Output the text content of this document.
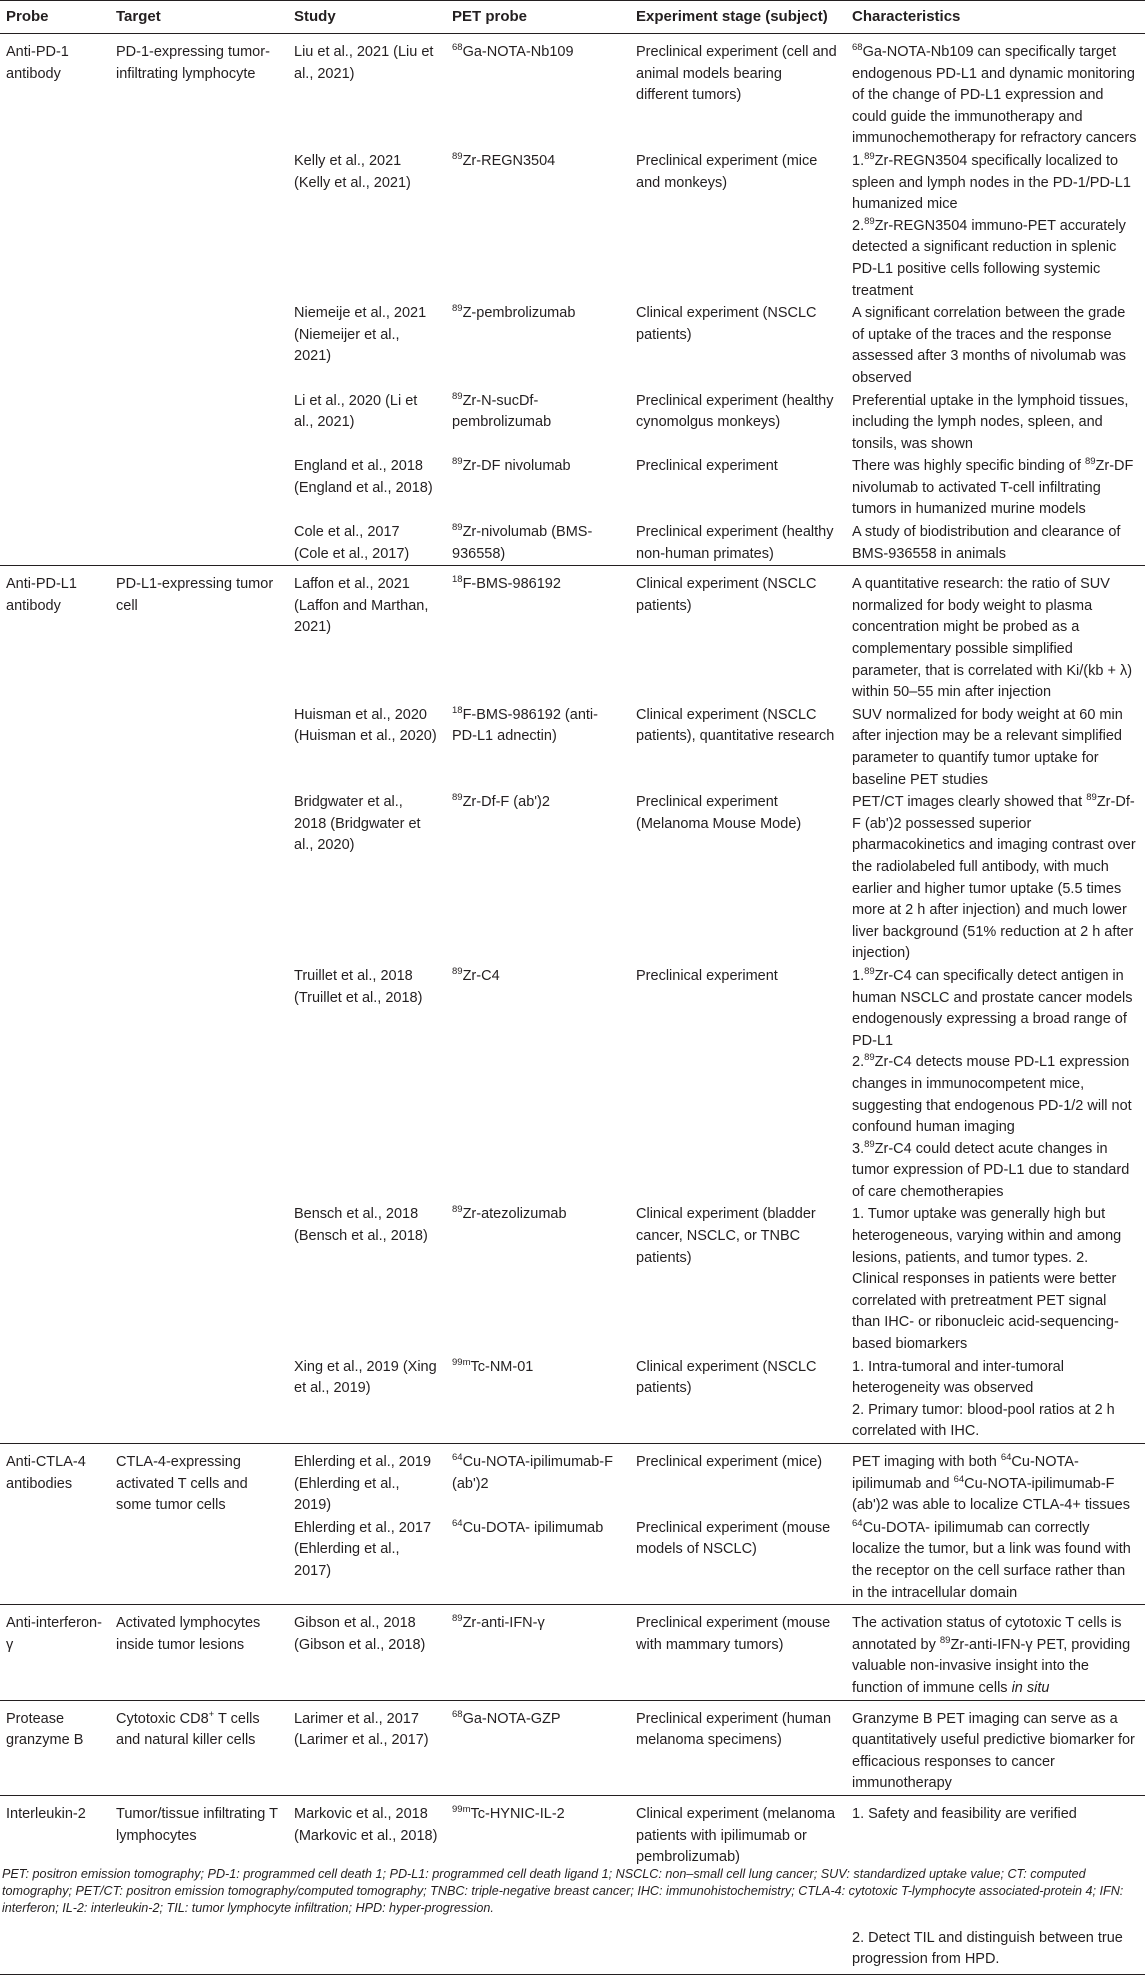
Probe	Target	Study	PET probe	Experiment stage (subject)	Characteristics
Anti-PD-1 antibody	PD-1-expressing tumor-infiltrating lymphocyte	Liu et al., 2021 (Liu et al., 2021)	$^{68}$Ga-NOTA-Nb109	Preclinical experiment (cell and animal models bearing different tumors)	$^{68}$Ga-NOTA-Nb109 can specifically target endogenous PD-L1 and dynamic monitoring of the change of PD-L1 expression and could guide the immunotherapy and immunochemotherapy for refractory cancers
		Kelly et al., 2021 (Kelly et al., 2021)	$^{89}$Zr-REGN3504	Preclinical experiment (mice and monkeys)	1.89Zr-REGN3504 specifically localized to spleen and lymph nodes in the PD-1/PD-L1 humanized mice
2.89Zr-REGN3504 immuno-PET accurately detected a significant reduction in splenic PD-L1 positive cells following systemic treatment

		Niemeije et al., 2021 (Niemeijer et al., 2021)	$^{89}$Z-pembrolizumab	Clinical experiment (NSCLC patients)	A significant correlation between the grade of uptake of the traces and the response assessed after 3 months of nivolumab was observed
		Li et al., 2020 (Li et al., 2021)	$^{89}$Zr-N-sucDf-pembrolizumab	Preclinical experiment (healthy cynomolgus monkeys)	Preferential uptake in the lymphoid tissues, including the lymph nodes, spleen, and tonsils, was shown
		England et al., 2018 (England et al., 2018)	$^{89}$Zr-DF nivolumab	Preclinical experiment	There was highly specific binding of $^{89}$Zr-DF nivolumab to activated T-cell infiltrating tumors in humanized murine models
		Cole et al., 2017 (Cole et al., 2017)	$^{89}$Zr-nivolumab (BMS-936558)	Preclinical experiment (healthy non-human primates)	A study of biodistribution and clearance of BMS-936558 in animals
Anti-PD-L1 antibody	PD-L1-expressing tumor cell	Laffon et al., 2021 (Laffon and Marthan, 2021)	$^{18}$F-BMS-986192	Clinical experiment (NSCLC patients)	A quantitative research: the ratio of SUV normalized for body weight to plasma concentration might be probed as a complementary possible simplified parameter, that is correlated with Ki/(kb + λ) within 50–55 min after injection
		Huisman et al., 2020 (Huisman et al., 2020)	$^{18}$F-BMS-986192 (anti-PD-L1 adnectin)	Clinical experiment (NSCLC patients), quantitative research	SUV normalized for body weight at 60 min after injection may be a relevant simplified parameter to quantify tumor uptake for baseline PET studies
		Bridgwater et al., 2018 (Bridgwater et al., 2020)	$^{89}$Zr-Df-F (ab')2	Preclinical experiment (Melanoma Mouse Mode)	PET/CT images clearly showed that $^{89}$Zr-Df-F (ab')2 possessed superior pharmacokinetics and imaging contrast over the radiolabeled full antibody, with much earlier and higher tumor uptake (5.5 times more at 2 h after injection) and much lower liver background (51% reduction at 2 h after injection)
		Truillet et al., 2018 (Truillet et al., 2018)	$^{89}$Zr-C4	Preclinical experiment	1.89Zr-C4 can specifically detect antigen in human NSCLC and prostate cancer models endogenously expressing a broad range of PD-L1
2.89Zr-C4 detects mouse PD-L1 expression changes in immunocompetent mice, suggesting that endogenous PD-1/2 will not confound human imaging
3.89Zr-C4 could detect acute changes in tumor expression of PD-L1 due to standard of care chemotherapies

		Bensch et al., 2018 (Bensch et al., 2018)	$^{89}$Zr-atezolizumab	Clinical experiment (bladder cancer, NSCLC, or TNBC patients)	1. Tumor uptake was generally high but heterogeneous, varying within and among lesions, patients, and tumor types. 2. Clinical responses in patients were better correlated with pretreatment PET signal than IHC- or ribonucleic acid-sequencing-based biomarkers
		Xing et al., 2019 (Xing et al., 2019)	$^{99m}$Tc-NM-01	Clinical experiment (NSCLC patients)	1. Intra-tumoral and inter-tumoral heterogeneity was observed
2. Primary tumor: blood-pool ratios at 2 h correlated with IHC.

Anti-CTLA-4 antibodies	CTLA-4-expressing activated T cells and some tumor cells	Ehlerding et al., 2019 (Ehlerding et al., 2019)	$^{64}$Cu-NOTA-ipilimumab-F (ab')2	Preclinical experiment (mice)	PET imaging with both $^{64}$Cu-NOTA-ipilimumab and $^{64}$Cu-NOTA-ipilimumab-F (ab')2 was able to localize CTLA-4+ tissues
		Ehlerding et al., 2017 (Ehlerding et al., 2017)	$^{64}$Cu-DOTA- ipilimumab	Preclinical experiment (mouse models of NSCLC)	$^{64}$Cu-DOTA- ipilimumab can correctly localize the tumor, but a link was found with the receptor on the cell surface rather than in the intracellular domain
Anti-interferon-γ	Activated lymphocytes inside tumor lesions	Gibson et al., 2018 (Gibson et al., 2018)	$^{89}$Zr-anti-IFN-γ	Preclinical experiment (mouse with mammary tumors)	The activation status of cytotoxic T cells is annotated by $^{89}$Zr-anti-IFN-γ PET, providing valuable non-invasive insight into the function of immune cells in situ
Protease granzyme B	Cytotoxic CD8+ T cells and natural killer cells	Larimer et al., 2017 (Larimer et al., 2017)	$^{68}$Ga-NOTA-GZP	Preclinical experiment (human melanoma specimens)	Granzyme B PET imaging can serve as a quantitatively useful predictive biomarker for efficacious responses to cancer immunotherapy
Interleukin-2	Tumor/tissue infiltrating T lymphocytes	Markovic et al., 2018 (Markovic et al., 2018)	$^{99m}$Tc-HYNIC-IL-2	Clinical experiment (melanoma patients with ipilimumab or pembrolizumab)	1. Safety and feasibility are verified
2. Detect TIL and distinguish between true progression from HPD.
PET: positron emission tomography; PD-1: programmed cell death 1; PD-L1: programmed cell death ligand 1; NSCLC: non–small cell lung cancer; SUV: standardized uptake value; CT: computed tomography; PET/CT: positron emission tomography/computed tomography; TNBC: triple-negative breast cancer; IHC: immunohistochemistry; CTLA-4: cytotoxic T-lymphocyte associated-protein 4; IFN: interferon; IL-2: interleukin-2; TIL: tumor lymphocyte infiltration; HPD: hyper-progression.
